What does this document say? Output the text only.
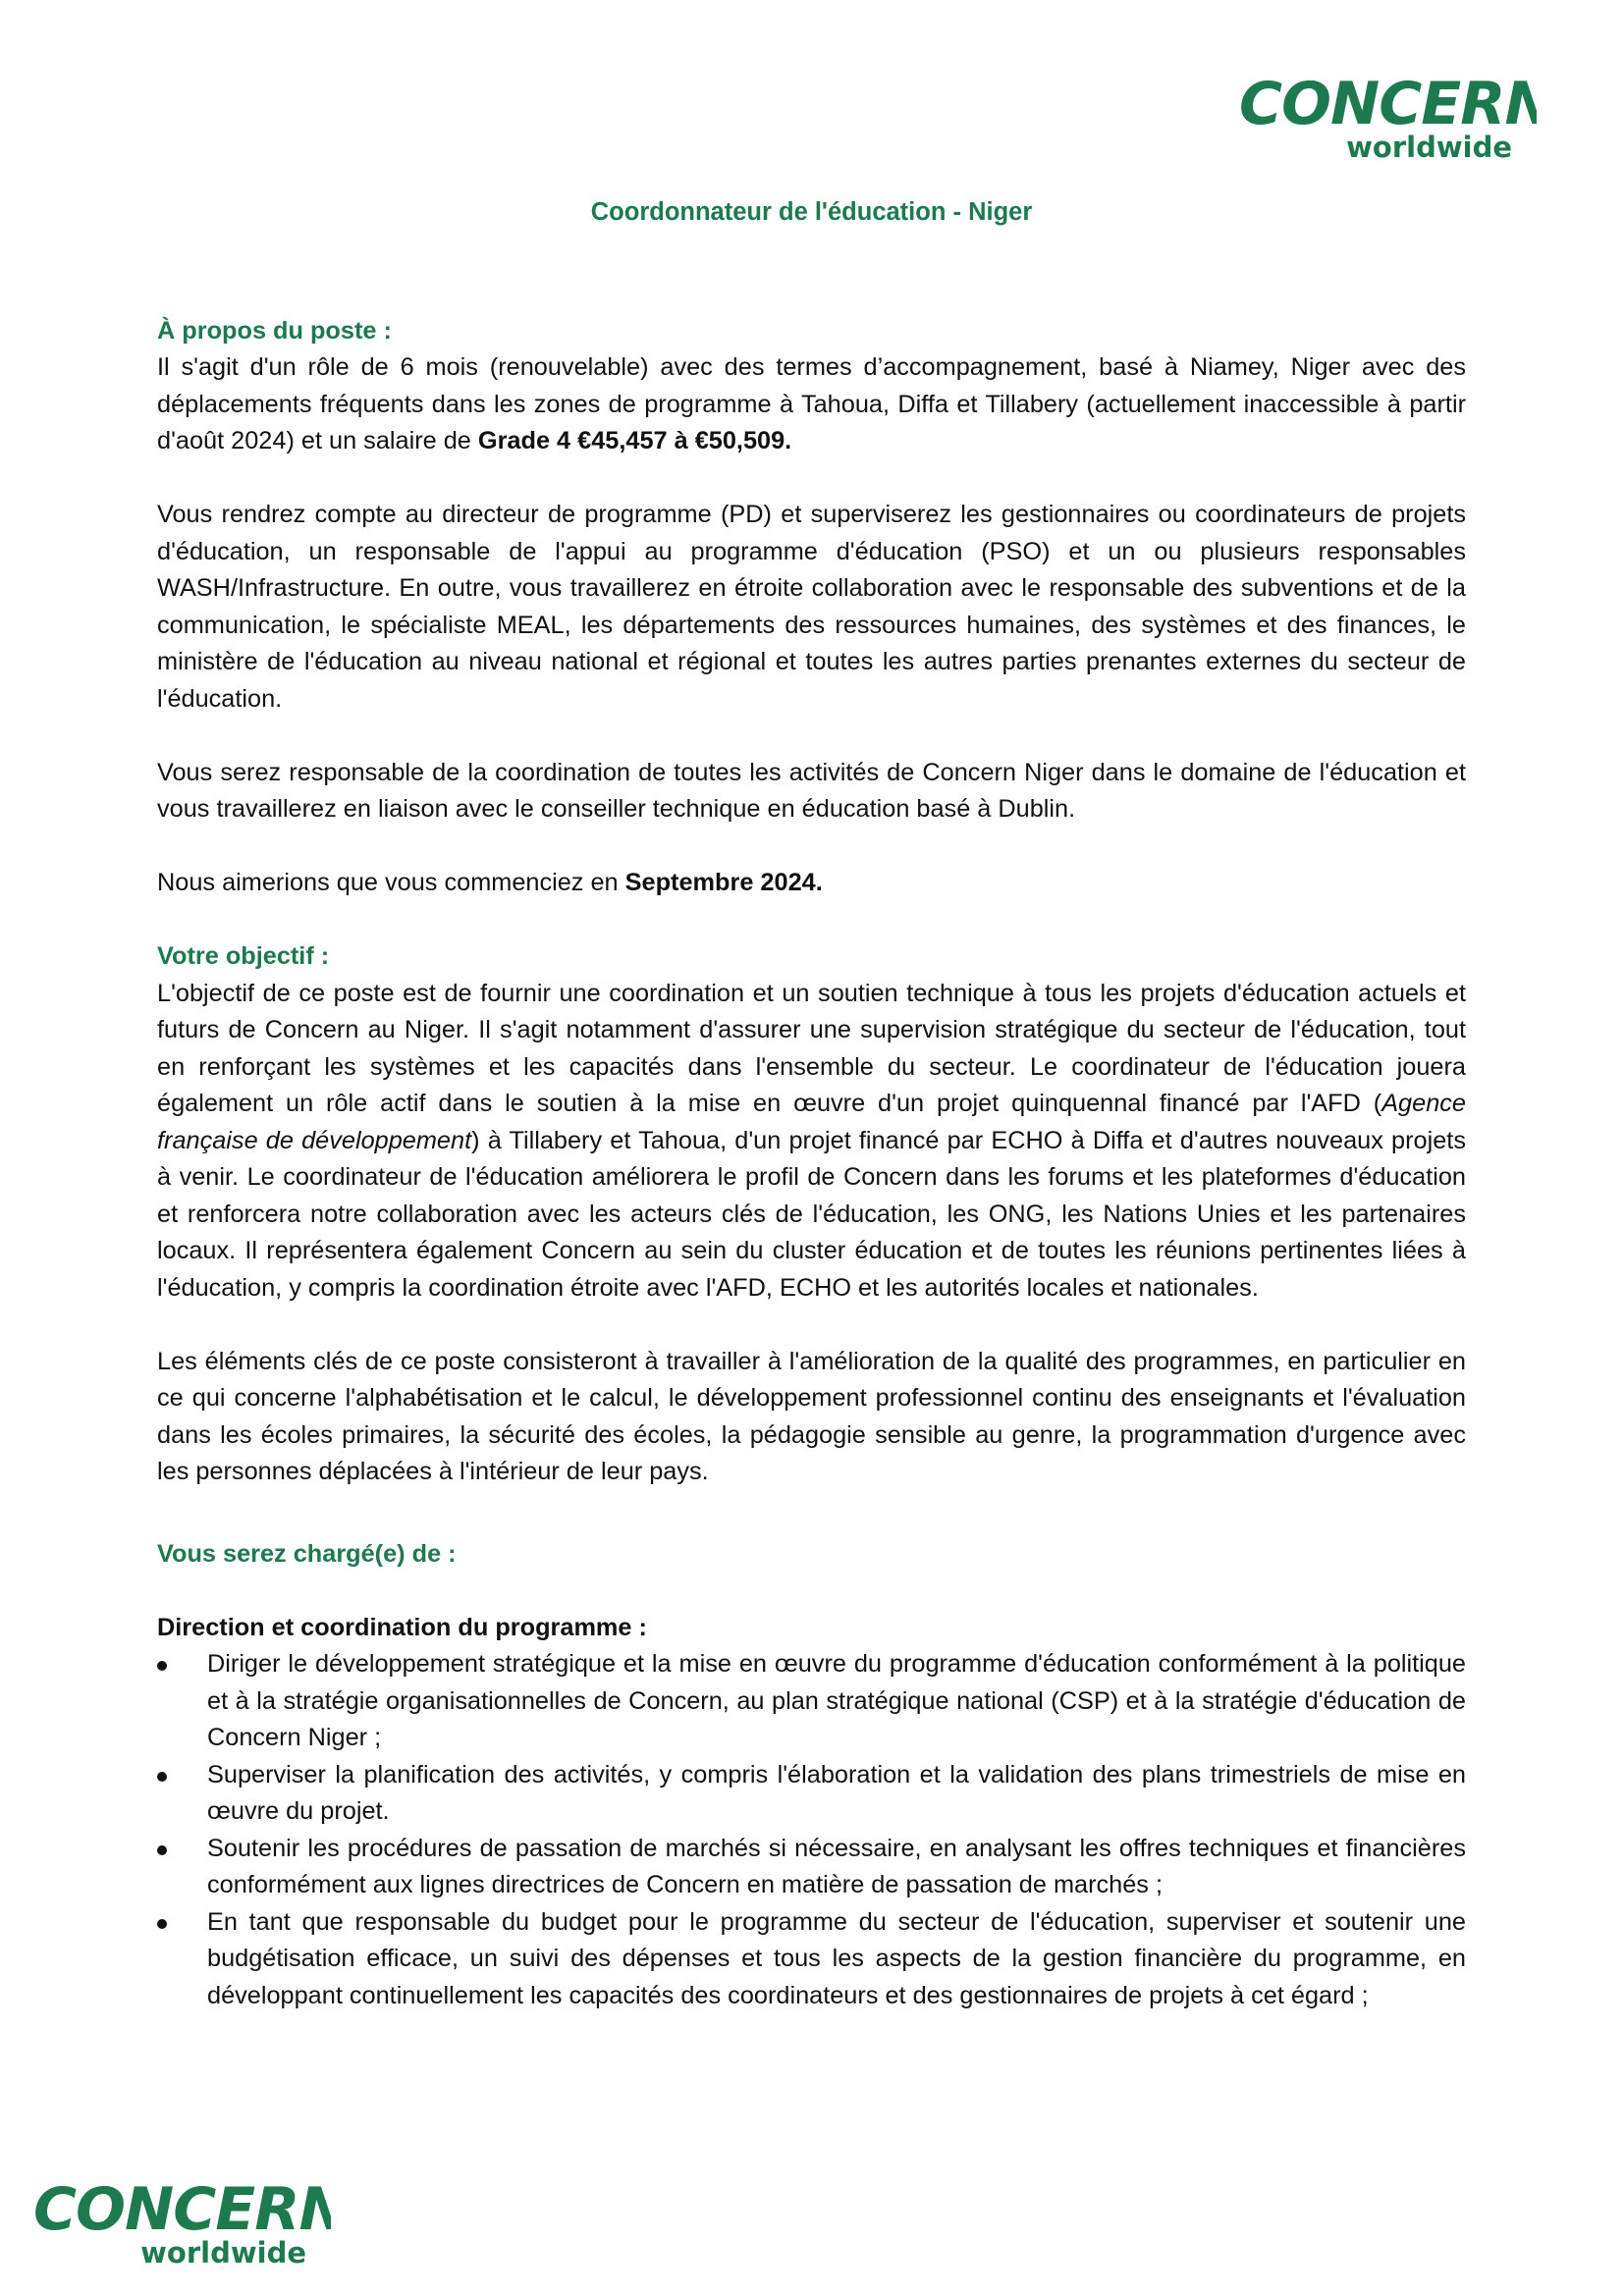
CONCERN
worldwide
Coordonnateur de l'éducation - Niger
À propos du poste :

Il s'agit d'un rôle de 6 mois (renouvelable) avec des termes d’accompagnement, basé à Niamey, Niger avec des déplacements fréquents dans les zones de programme à Tahoua, Diffa et Tillabery (actuellement inaccessible à partir d'août 2024) et un salaire de Grade 4 €45,457 à €50,509.

Vous rendrez compte au directeur de programme (PD) et superviserez les gestionnaires ou coordinateurs de projets d'éducation, un responsable de l'appui au programme d'éducation (PSO) et un ou plusieurs responsables WASH/Infrastructure. En outre, vous travaillerez en étroite collaboration avec le responsable des subventions et de la communication, le spécialiste MEAL, les départements des ressources humaines, des systèmes et des finances, le ministère de l'éducation au niveau national et régional et toutes les autres parties prenantes externes du secteur de l'éducation.

Vous serez responsable de la coordination de toutes les activités de Concern Niger dans le domaine de l'éducation et vous travaillerez en liaison avec le conseiller technique en éducation basé à Dublin.

Nous aimerions que vous commenciez en Septembre 2024.

Votre objectif :

L'objectif de ce poste est de fournir une coordination et un soutien technique à tous les projets d'éducation actuels et futurs de Concern au Niger. Il s'agit notamment d'assurer une supervision stratégique du secteur de l'éducation, tout en renforçant les systèmes et les capacités dans l'ensemble du secteur. Le coordinateur de l'éducation jouera également un rôle actif dans le soutien à la mise en œuvre d'un projet quinquennal financé par l'AFD (Agence française de développement) à Tillabery et Tahoua, d'un projet financé par ECHO à Diffa et d'autres nouveaux projets à venir. Le coordinateur de l'éducation améliorera le profil de Concern dans les forums et les plateformes d'éducation et renforcera notre collaboration avec les acteurs clés de l'éducation, les ONG, les Nations Unies et les partenaires locaux. Il représentera également Concern au sein du cluster éducation et de toutes les réunions pertinentes liées à l'éducation, y compris la coordination étroite avec l'AFD, ECHO et les autorités locales et nationales.

Les éléments clés de ce poste consisteront à travailler à l'amélioration de la qualité des programmes, en particulier en ce qui concerne l'alphabétisation et le calcul, le développement professionnel continu des enseignants et l'évaluation dans les écoles primaires, la sécurité des écoles, la pédagogie sensible au genre, la programmation d'urgence avec les personnes déplacées à l'intérieur de leur pays.

Vous serez chargé(e) de :
Direction et coordination du programme :
Diriger le développement stratégique et la mise en œuvre du programme d'éducation conformément à la politique et à la stratégie organisationnelles de Concern, au plan stratégique national (CSP) et à la stratégie d'éducation de Concern Niger ;
Superviser la planification des activités, y compris l'élaboration et la validation des plans trimestriels de mise en œuvre du projet.
Soutenir les procédures de passation de marchés si nécessaire, en analysant les offres techniques et financières conformément aux lignes directrices de Concern en matière de passation de marchés ;
En tant que responsable du budget pour le programme du secteur de l'éducation, superviser et soutenir une budgétisation efficace, un suivi des dépenses et tous les aspects de la gestion financière du programme, en développant continuellement les capacités des coordinateurs et des gestionnaires de projets à cet égard ;
CONCERN
worldwide
